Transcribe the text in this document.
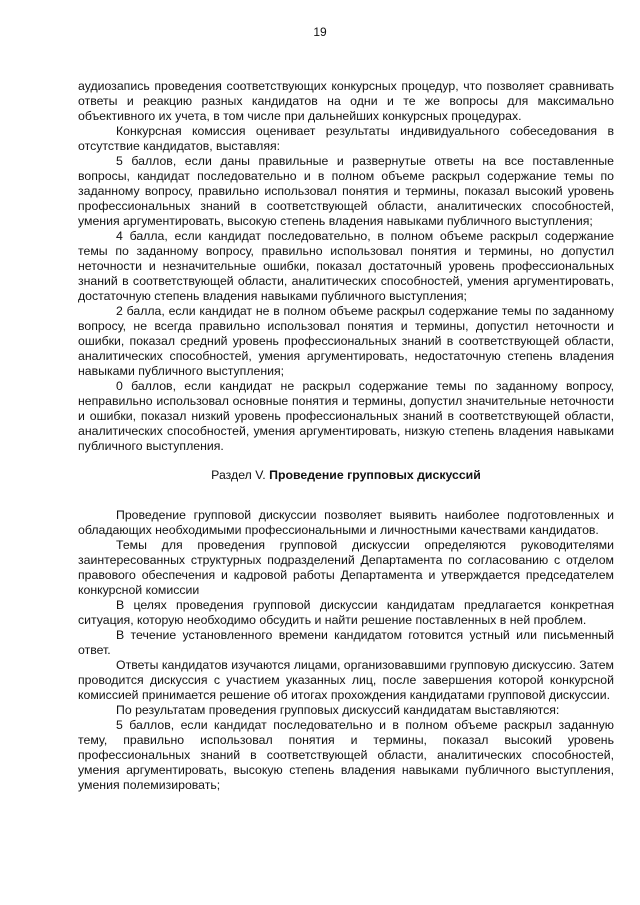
19

аудиозапись проведения соответствующих конкурсных процедур, что позволяет сравнивать ответы и реакцию разных кандидатов на одни и те же вопросы для максимально объективного их учета, в том числе при дальнейших конкурсных процедурах.

Конкурсная комиссия оценивает результаты индивидуального собеседования в отсутствие кандидатов, выставляя:

5 баллов, если даны правильные и развернутые ответы на все поставленные вопросы, кандидат последовательно и в полном объеме раскрыл содержание темы по заданному вопросу, правильно использовал понятия и термины, показал высокий уровень профессиональных знаний в соответствующей области, аналитических способностей, умения аргументировать, высокую степень владения навыками публичного выступления;

4 балла, если кандидат последовательно, в полном объеме раскрыл содержание темы по заданному вопросу, правильно использовал понятия и термины, но допустил неточности и незначительные ошибки, показал достаточный уровень профессиональных знаний в соответствующей области, аналитических способностей, умения аргументировать, достаточную степень владения навыками публичного выступления;

2 балла, если кандидат не в полном объеме раскрыл содержание темы по заданному вопросу, не всегда правильно использовал понятия и термины, допустил неточности и ошибки, показал средний уровень профессиональных знаний в соответствующей области, аналитических способностей, умения аргументировать, недостаточную степень владения навыками публичного выступления;

0 баллов, если кандидат не раскрыл содержание темы по заданному вопросу, неправильно использовал основные понятия и термины, допустил значительные неточности и ошибки, показал низкий уровень профессиональных знаний в соответствующей области, аналитических способностей, умения аргументировать, низкую степень владения навыками публичного выступления.

Раздел V. Проведение групповых дискуссий

Проведение групповой дискуссии позволяет выявить наиболее подготовленных и обладающих необходимыми профессиональными и личностными качествами кандидатов.

Темы для проведения групповой дискуссии определяются руководителями заинтересованных структурных подразделений Департамента по согласованию с отделом правового обеспечения и кадровой работы Департамента и утверждается председателем конкурсной комиссии

В целях проведения групповой дискуссии кандидатам предлагается конкретная ситуация, которую необходимо обсудить и найти решение поставленных в ней проблем.

В течение установленного времени кандидатом готовится устный или письменный ответ.

Ответы кандидатов изучаются лицами, организовавшими групповую дискуссию. Затем проводится дискуссия с участием указанных лиц, после завершения которой конкурсной комиссией принимается решение об итогах прохождения кандидатами групповой дискуссии.

По результатам проведения групповых дискуссий кандидатам выставляются:

5 баллов, если кандидат последовательно и в полном объеме раскрыл заданную тему, правильно использовал понятия и термины, показал высокий уровень профессиональных знаний в соответствующей области, аналитических способностей, умения аргументировать, высокую степень владения навыками публичного выступления, умения полемизировать;
